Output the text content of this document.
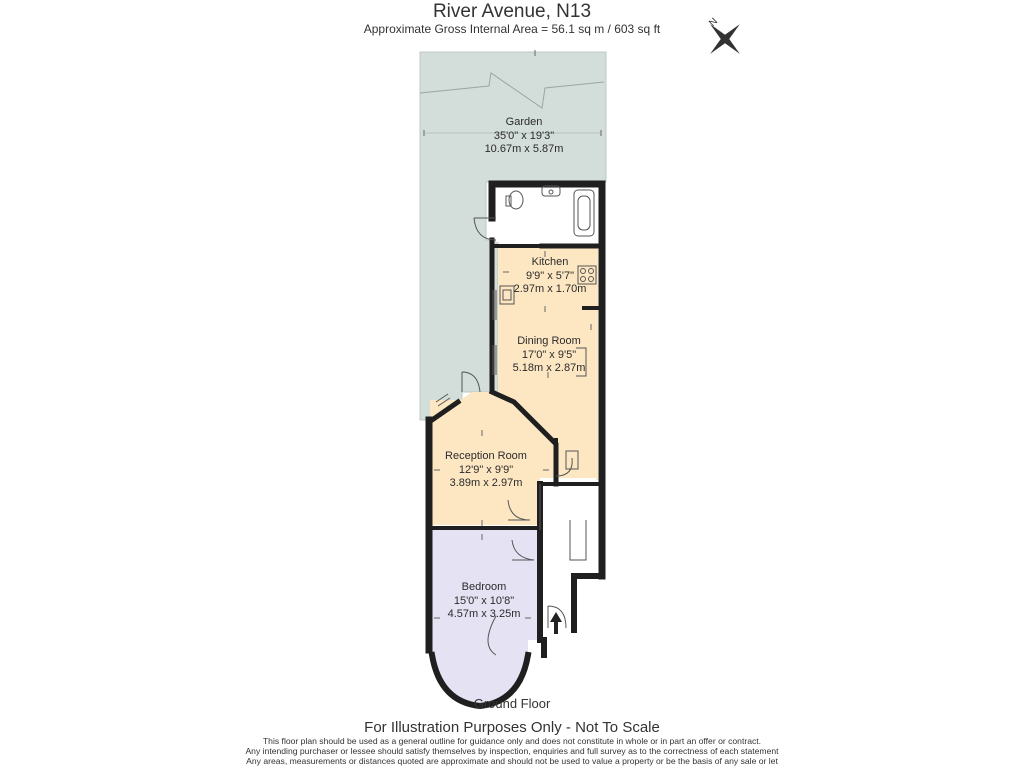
River Avenue, N13
Approximate Gross Internal Area = 56.1 sq m / 603 sq ft	N
Garden
35'0" x 19'3"
10.67m x 5.87m
Kitchen
9'9" x 5'7"
2.97m x 1.70m
Dining Room
17'0" x 9'5"
5.18m x 2.87m
Reception Room
12'9" x 9'9"
3.89m x 2.97m
Bedroom
15'0" x 10'8"
4.57m x 3.25m
Ground Floor
For Illustration Purposes Only - Not To Scale
This floor plan should be used as a general outline for guidance only and does not constitute in whole or in part an offer or contract.
Any intending purchaser or lessee should satisfy themselves by inspection, enquiries and full survey as to the correctness of each statement
Any areas, measurements or distances quoted are approximate and should not be used to value a property or be the basis of any sale or let
